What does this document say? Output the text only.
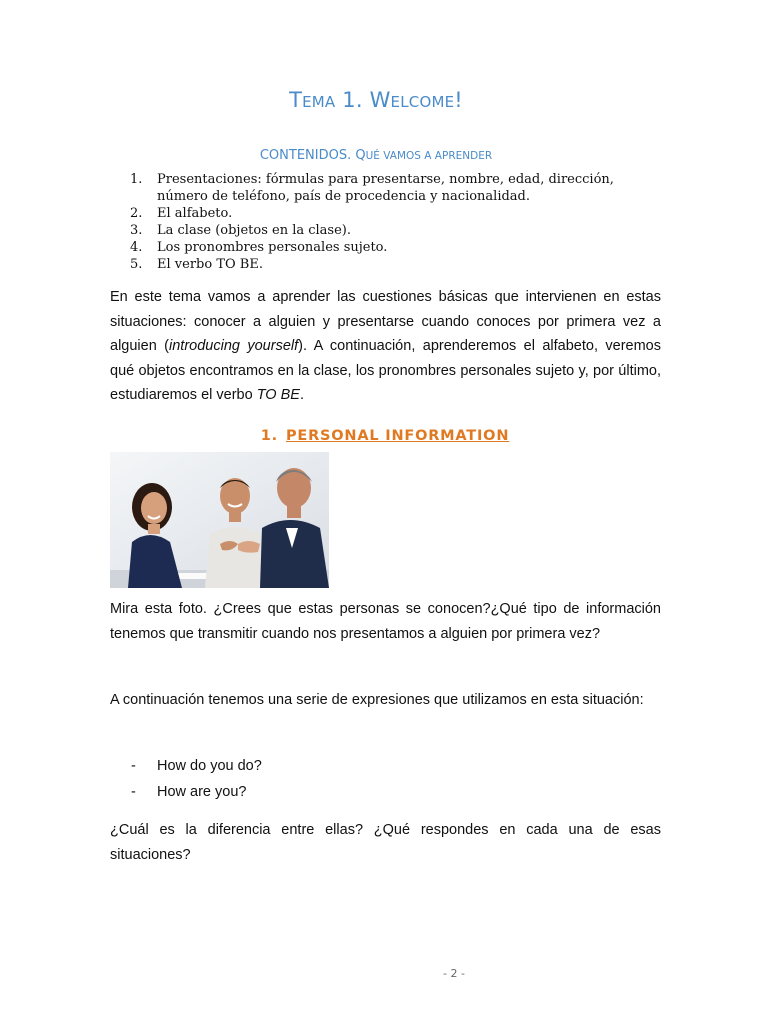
TEMA 1. WELCOME!
CONTENIDOS. QUÉ VAMOS A APRENDER
1.	Presentaciones: fórmulas para presentarse, nombre, edad, dirección, número de teléfono, país de procedencia y nacionalidad.
2.	El alfabeto.
3.	La clase (objetos en la clase).
4.	Los pronombres personales sujeto.
5.	El verbo TO BE.

En este tema vamos a aprender las cuestiones básicas que intervienen en estas situaciones: conocer a alguien y presentarse cuando conoces por primera vez a alguien (introducing yourself). A continuación, aprenderemos el alfabeto, veremos qué objetos encontramos en la clase, los pronombres personales sujeto y, por último, estudiaremos el verbo TO BE.

1. PERSONAL INFORMATION

Mira esta foto. ¿Crees que estas personas se conocen?¿Qué tipo de información tenemos que transmitir cuando nos presentamos a alguien por primera vez?

A continuación tenemos una serie de expresiones que utilizamos en esta situación:

-	How do you do?
-	How are you?

¿Cuál es la diferencia entre ellas? ¿Qué respondes en cada una de esas situaciones?

- 2 -
